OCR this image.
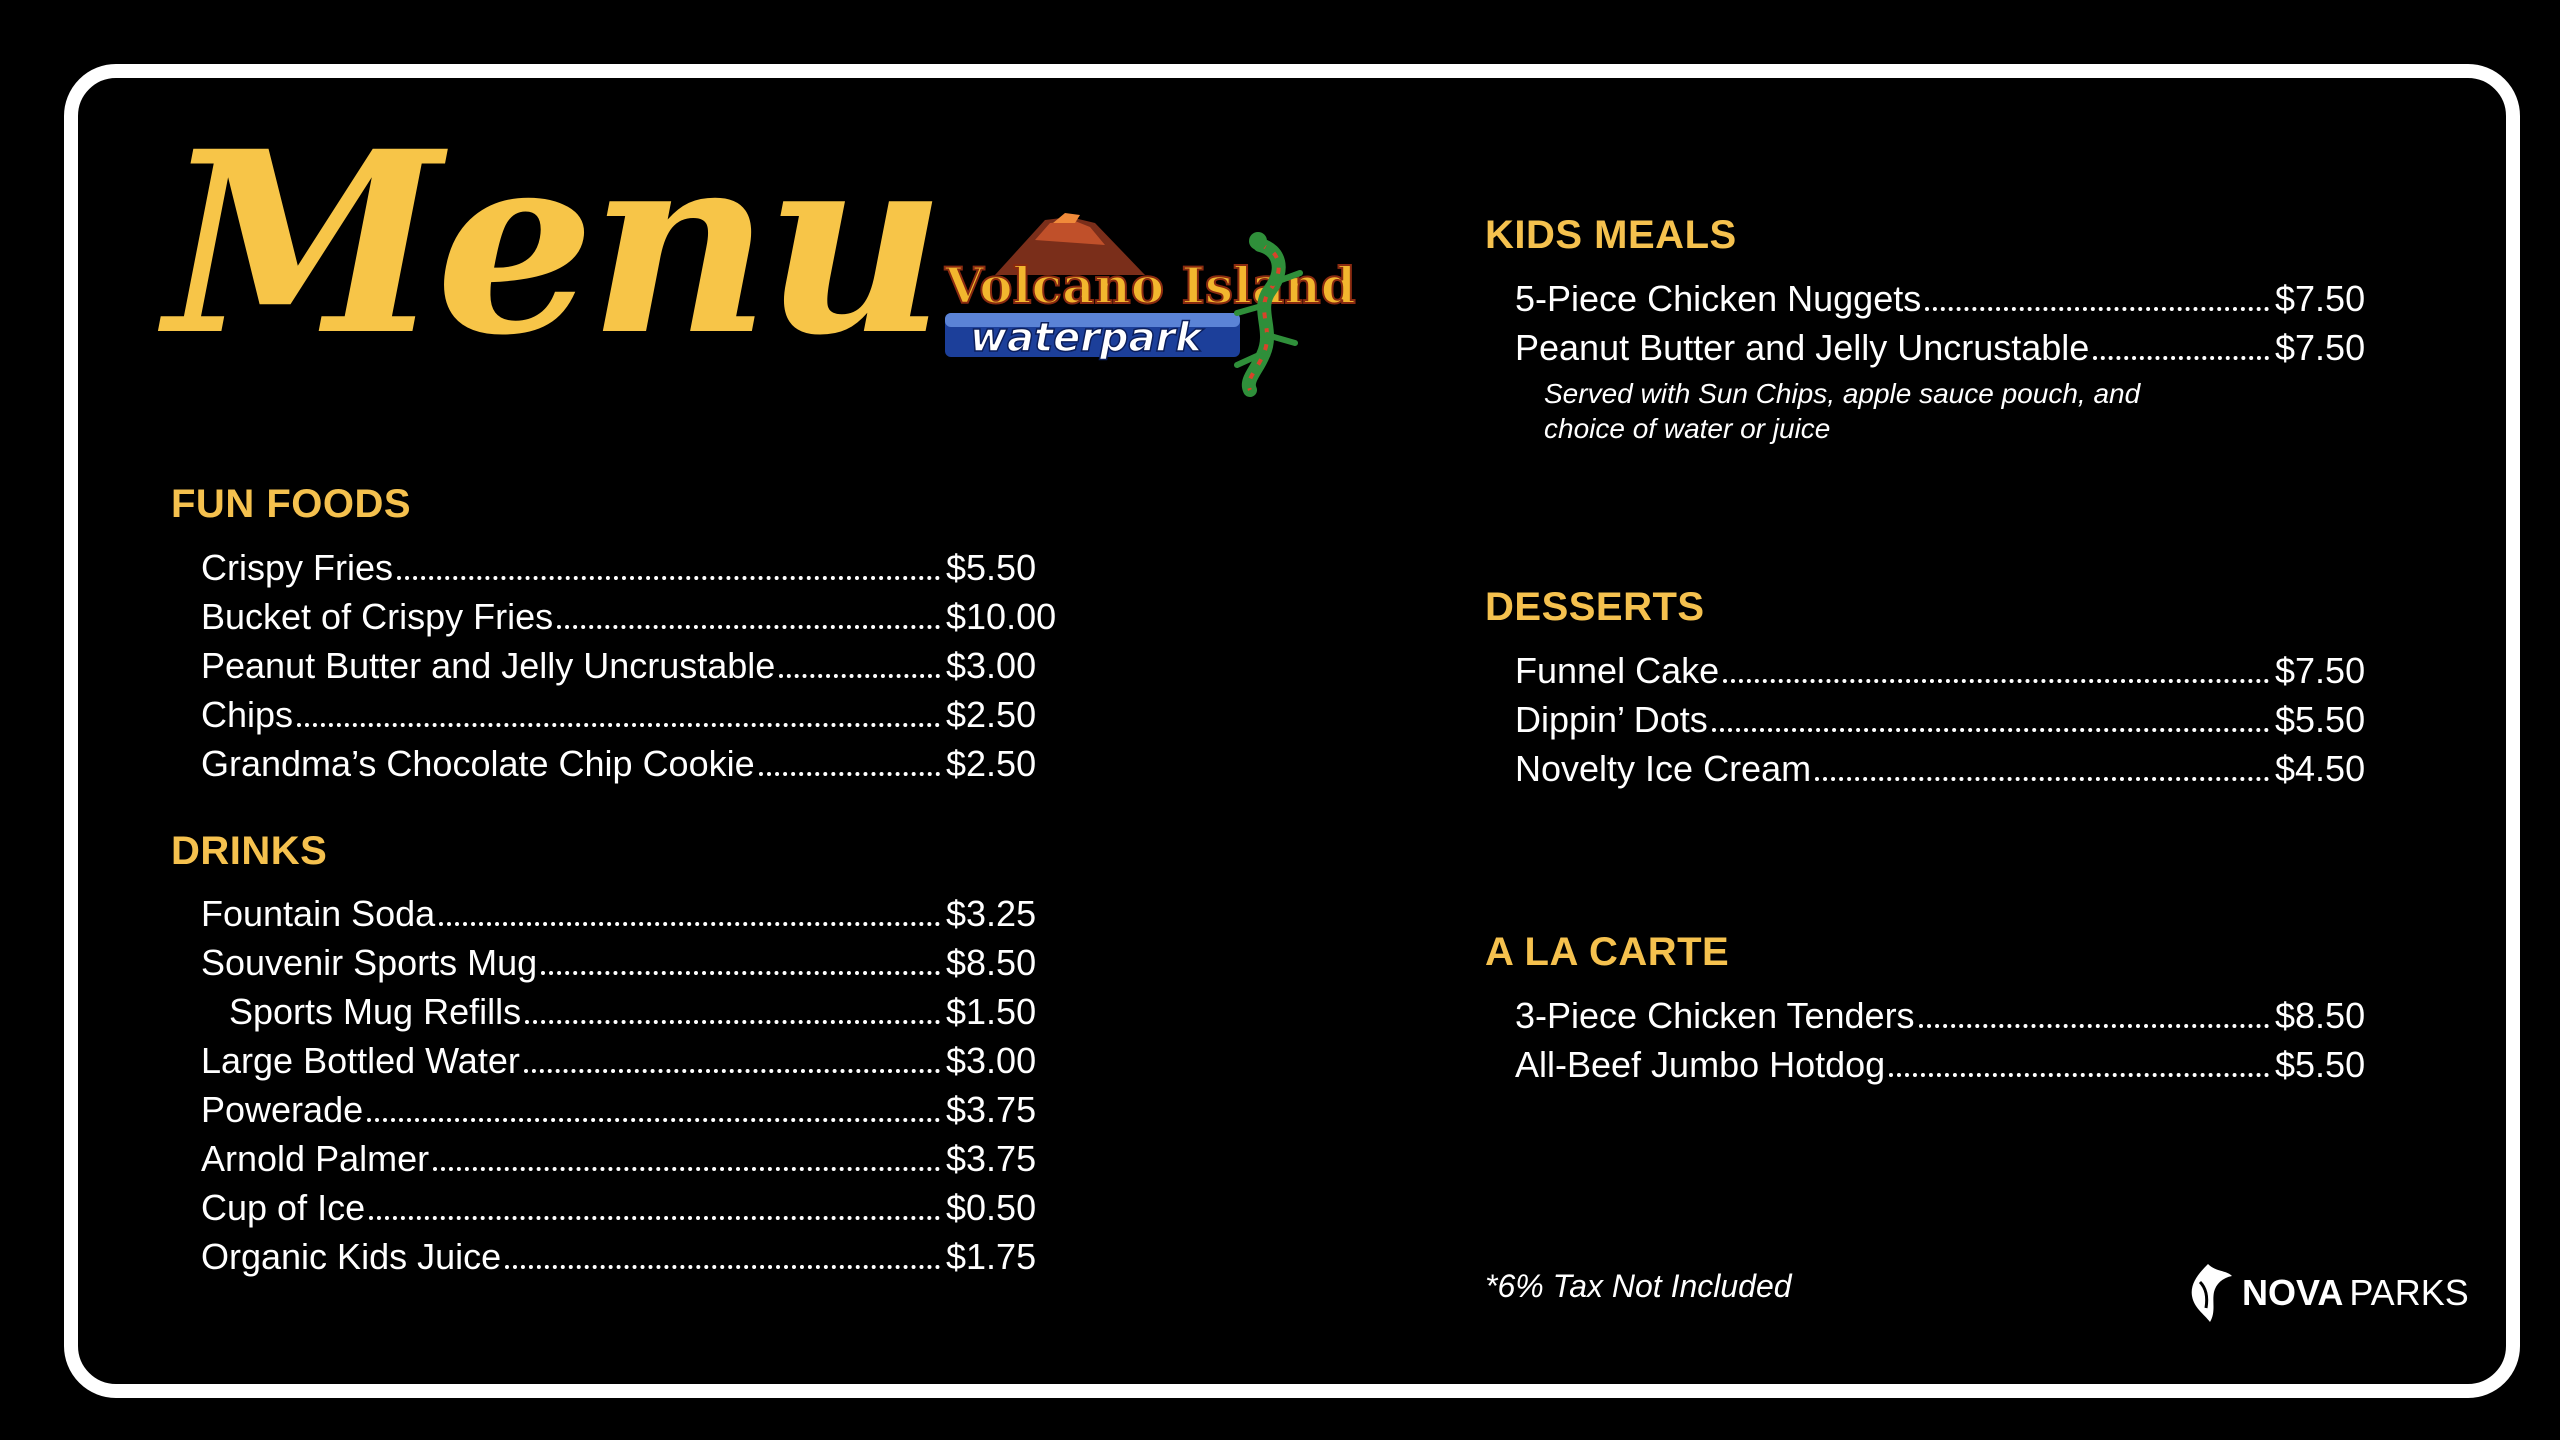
Menu Volcano Island
waterpark
FUN FOODS
Crispy Fries	$5.50
Bucket of Crispy Fries	$10.00
Peanut Butter and Jelly Uncrustable	$3.00
Chips	$2.50
Grandma’s Chocolate Chip Cookie	$2.50
DRINKS
Fountain Soda	$3.25
Souvenir Sports Mug	$8.50
Sports Mug Refills	$1.50
Large Bottled Water	$3.00
Powerade	$3.75
Arnold Palmer	$3.75
Cup of Ice	$0.50
Organic Kids Juice	$1.75
KIDS MEALS
5-Piece Chicken Nuggets	$7.50
Peanut Butter and Jelly Uncrustable	$7.50
Served with Sun Chips, apple sauce pouch, and
choice of water or juice
DESSERTS
Funnel Cake	$7.50
Dippin’ Dots	$5.50
Novelty Ice Cream	$4.50
A LA CARTE
3-Piece Chicken Tenders	$8.50
All-Beef Jumbo Hotdog	$5.50
*6% Tax Not Included	NOVA PARKS
